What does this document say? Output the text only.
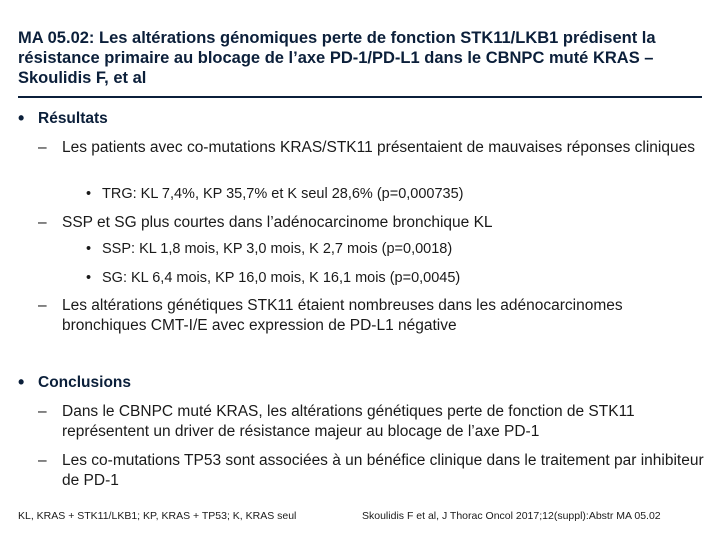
MA 05.02: Les altérations génomiques perte de fonction STK11/LKB1 prédisent la résistance primaire au blocage de l’axe PD-1/PD-L1 dans le CBNPC muté KRAS – Skoulidis F, et al
• Résultats
– Les patients avec co-mutations KRAS/STK11 présentaient de mauvaises réponses cliniques
• TRG: KL 7,4%, KP 35,7% et K seul 28,6% (p=0,000735)
– SSP et SG plus courtes dans l’adénocarcinome bronchique KL
• SSP: KL 1,8 mois, KP 3,0 mois, K 2,7 mois (p=0,0018)
• SG: KL 6,4 mois, KP 16,0 mois, K 16,1 mois (p=0,0045)
– Les altérations génétiques STK11 étaient nombreuses dans les adénocarcinomes bronchiques CMT-I/E avec expression de PD-L1 négative
• Conclusions
– Dans le CBNPC muté KRAS, les altérations génétiques perte de fonction de STK11 représentent un driver de résistance majeur au blocage de l’axe PD-1
– Les co-mutations TP53 sont associées à un bénéfice clinique dans le traitement par inhibiteur de PD-1
KL, KRAS + STK11/LKB1; KP, KRAS + TP53; K, KRAS seul	Skoulidis F et al, J Thorac Oncol 2017;12(suppl):Abstr MA 05.02
